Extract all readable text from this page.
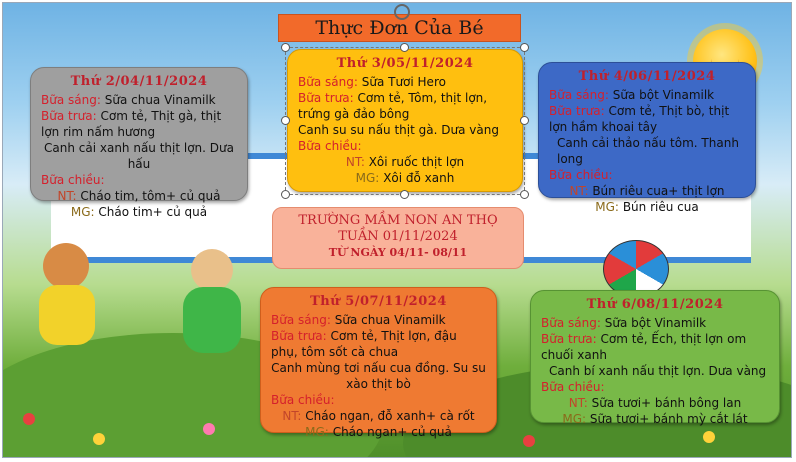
Thực Đơn Của Bé
Thứ 2/04/11/2024
Bữa sáng: Sữa chua Vinamilk
Bữa trưa: Cơm tẻ, Thịt gà, thịt lợn rim nấm hương
Canh cải xanh nấu thịt lợn. Dưa hấu
Bữa chiều:
NT: Cháo tim, tôm+ củ quả
MG: Cháo tim+ củ quả
Thứ 3/05/11/2024
Bữa sáng: Sữa Tươi Hero
Bữa trưa: Cơm tẻ, Tôm, thịt lợn, trứng gà đảo bông
Canh su su nấu thịt gà. Dưa vàng
Bữa chiều:
NT: Xôi ruốc thịt lợn
MG: Xôi đỗ xanh
Thứ 4/06/11/2024
Bữa sáng: Sữa bột Vinamilk
Bữa trưa: Cơm tẻ, Thịt bò, thịt lợn hầm khoai tây
Canh cải thảo nấu tôm. Thanh long
Bữa chiều:
NT: Bún riêu cua+ thịt lợn
MG: Bún riêu cua
TRƯỜNG MẦM NON AN THỌ
TUẦN 01/11/2024
TỪ NGÀY 04/11- 08/11
Thứ 5/07/11/2024
Bữa sáng: Sữa chua Vinamilk
Bữa trưa: Cơm tẻ, Thịt lợn, đậu phụ, tôm sốt cà chua
Canh mùng tơi nấu cua đồng. Su su xào thịt bò
Bữa chiều:
NT: Cháo ngan, đỗ xanh+ cà rốt
MG: Cháo ngan+ củ quả
Thứ 6/08/11/2024
Bữa sáng: Sữa bột Vinamilk
Bữa trưa: Cơm tẻ, Ếch, thịt lợn om chuối xanh
Canh bí xanh nấu thịt lợn. Dưa vàng
Bữa chiều:
NT: Sữa tươi+ bánh bông lan
MG: Sữa tươi+ bánh mỳ cắt lát
